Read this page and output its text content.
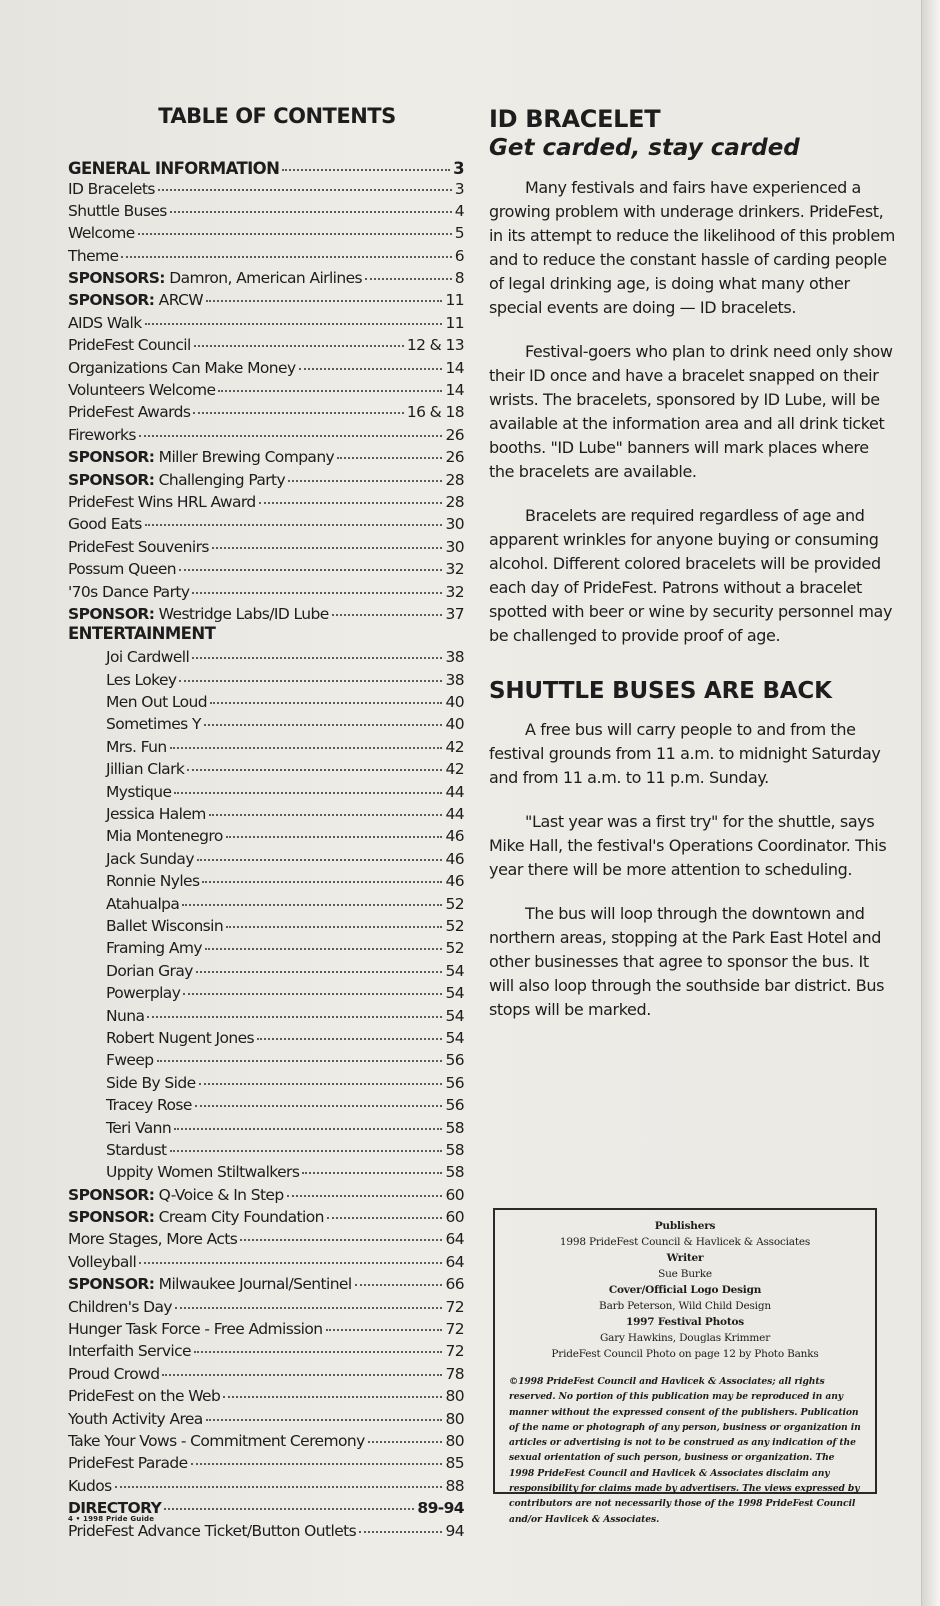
TABLE OF CONTENTS
GENERAL INFORMATION	3
ID Bracelets	3
Shuttle Buses	4
Welcome	5
Theme	6
SPONSORS: Damron, American Airlines	8
SPONSOR: ARCW	11
AIDS Walk	11
PrideFest Council	12 & 13
Organizations Can Make Money	14
Volunteers Welcome	14
PrideFest Awards	16 & 18
Fireworks	26
SPONSOR: Miller Brewing Company	26
SPONSOR: Challenging Party	28
PrideFest Wins HRL Award	28
Good Eats	30
PrideFest Souvenirs	30
Possum Queen	32
'70s Dance Party	32
SPONSOR: Westridge Labs/ID Lube	37
ENTERTAINMENT
Joi Cardwell	38
Les Lokey	38
Men Out Loud	40
Sometimes Y	40
Mrs. Fun	42
Jillian Clark	42
Mystique	44
Jessica Halem	44
Mia Montenegro	46
Jack Sunday	46
Ronnie Nyles	46
Atahualpa	52
Ballet Wisconsin	52
Framing Amy	52
Dorian Gray	54
Powerplay	54
Nuna	54
Robert Nugent Jones	54
Fweep	56
Side By Side	56
Tracey Rose	56
Teri Vann	58
Stardust	58
Uppity Women Stiltwalkers	58
SPONSOR: Q-Voice & In Step	60
SPONSOR: Cream City Foundation	60
More Stages, More Acts	64
Volleyball	64
SPONSOR: Milwaukee Journal/Sentinel	66
Children's Day	72
Hunger Task Force - Free Admission	72
Interfaith Service	72
Proud Crowd	78
PrideFest on the Web	80
Youth Activity Area	80
Take Your Vows - Commitment Ceremony	80
PrideFest Parade	85
Kudos	88
DIRECTORY	89-94
PrideFest Advance Ticket/Button Outlets	94
4 • 1998 Pride Guide
ID BRACELET
Get carded, stay carded

Many festivals and fairs have experienced a growing problem with underage drinkers. PrideFest, in its attempt to reduce the likelihood of this problem and to reduce the constant hassle of carding people of legal drinking age, is doing what many other special events are doing — ID bracelets.

Festival-goers who plan to drink need only show their ID once and have a bracelet snapped on their wrists. The bracelets, sponsored by ID Lube, will be available at the information area and all drink ticket booths. "ID Lube" banners will mark places where the bracelets are available.

Bracelets are required regardless of age and apparent wrinkles for anyone buying or consuming alcohol. Different colored bracelets will be provided each day of PrideFest. Patrons without a bracelet spotted with beer or wine by security personnel may be challenged to provide proof of age.

SHUTTLE BUSES ARE BACK

A free bus will carry people to and from the festival grounds from 11 a.m. to midnight Saturday and from 11 a.m. to 11 p.m. Sunday.

"Last year was a first try" for the shuttle, says Mike Hall, the festival's Operations Coordinator. This year there will be more attention to scheduling.

The bus will loop through the downtown and northern areas, stopping at the Park East Hotel and other businesses that agree to sponsor the bus. It will also loop through the southside bar district. Bus stops will be marked.

Publishers
1998 PrideFest Council & Havlicek & Associates
Writer
Sue Burke
Cover/Official Logo Design
Barb Peterson, Wild Child Design
1997 Festival Photos
Gary Hawkins, Douglas Krimmer
PrideFest Council Photo on page 12 by Photo Banks
©1998 PrideFest Council and Havlicek & Associates; all rights reserved. No portion of this publication may be reproduced in any manner without the expressed consent of the publishers. Publication of the name or photograph of any person, business or organization in articles or advertising is not to be construed as any indication of the sexual orientation of such person, business or organization. The 1998 PrideFest Council and Havlicek & Associates disclaim any responsibility for claims made by advertisers. The views expressed by contributors are not necessarily those of the 1998 PrideFest Council and/or Havlicek & Associates.
